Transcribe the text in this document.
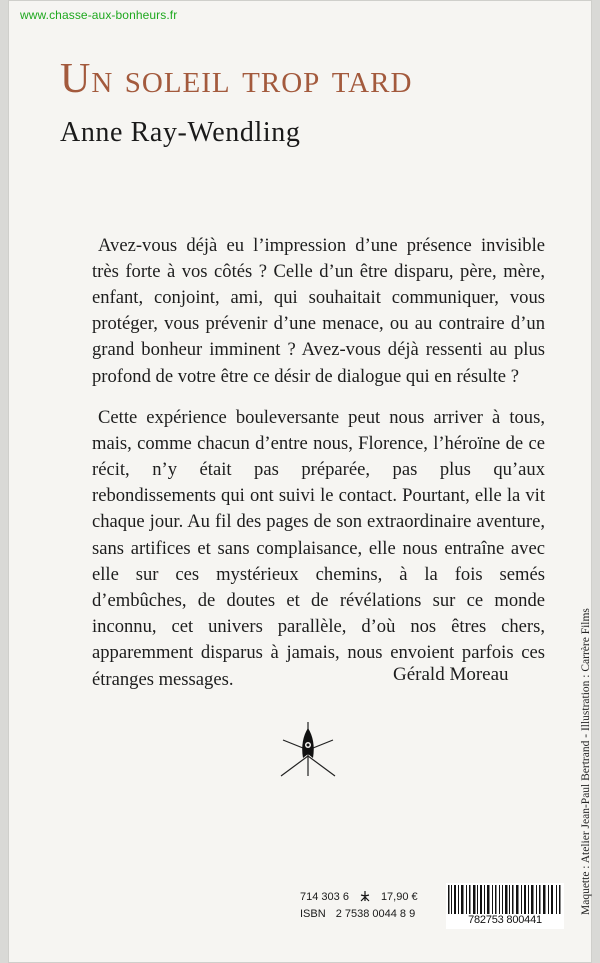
www.chasse-aux-bonheurs.fr
Un soleil trop tard
Anne Ray-Wendling

Avez-vous déjà eu l’impression d’une présence invisible très forte à vos côtés ? Celle d’un être disparu, père, mère, enfant, conjoint, ami, qui souhaitait communiquer, vous protéger, vous prévenir d’une menace, ou au contraire d’un grand bonheur imminent ? Avez-vous déjà ressenti au plus profond de votre être ce désir de dialogue qui en résulte ?

Cette expérience bouleversante peut nous arriver à tous, mais, comme chacun d’entre nous, Florence, l’héroïne de ce récit, n’y était pas préparée, pas plus qu’aux rebondissements qui ont suivi le contact. Pourtant, elle la vit chaque jour. Au fil des pages de son extraordinaire aventure, sans artifices et sans complaisance, elle nous entraîne avec elle sur ces mystérieux chemins, à la fois semés d’embûches, de doutes et de révélations sur ce monde inconnu, cet univers parallèle, d’où nos êtres chers, apparemment disparus à jamais, nous envoient parfois ces étranges messages.	Gérald Moreau	Maquette : Atelier Jean-Paul Bertrand - Illustration : Carrère Films
714 303 6	17,90 €
ISBN 2 7538 0044 8 9	782753 800441
